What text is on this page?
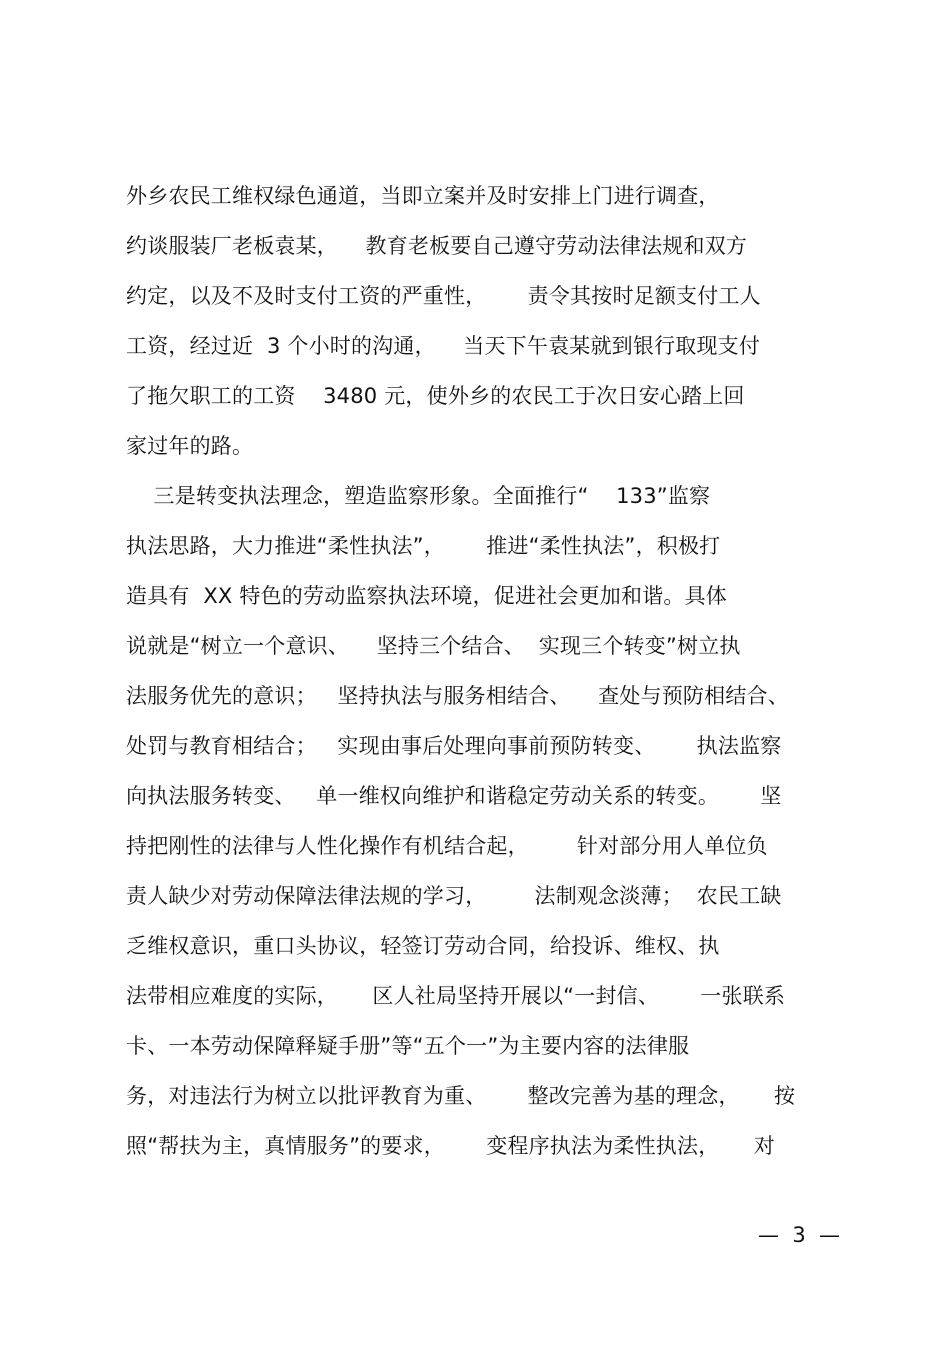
外乡农民工维权绿色通道，当即立案并及时安排上门进行调查，
约谈服装厂老板袁某，    教育老板要自己遵守劳动法律法规和双方
约定，以及不及时支付工资的严重性，      责令其按时足额支付工人
工资，经过近  3 个小时的沟通，    当天下午袁某就到银行取现支付
了拖欠职工的工资    3480 元，使外乡的农民工于次日安心踏上回
家过年的路。
三是转变执法理念，塑造监察形象。全面推行“    133”监察
执法思路，大力推进“柔性执法”，      推进“柔性执法”，积极打
造具有  XX 特色的劳动监察执法环境，促进社会更加和谐。具体
说就是“树立一个意识、    坚持三个结合、  实现三个转变”树立执
法服务优先的意识；   坚持执法与服务相结合、    查处与预防相结合、
处罚与教育相结合；   实现由事后处理向事前预防转变、      执法监察
向执法服务转变、   单一维权向维护和谐稳定劳动关系的转变。      坚
持把刚性的法律与人性化操作有机结合起，       针对部分用人单位负
责人缺少对劳动保障法律法规的学习，       法制观念淡薄；  农民工缺
乏维权意识，重口头协议，轻签订劳动合同，给投诉、维权、执
法带相应难度的实际，     区人社局坚持开展以“一封信、      一张联系
卡、一本劳动保障释疑手册”等“五个一”为主要内容的法律服
务，对违法行为树立以批评教育为重、      整改完善为基的理念，     按
照“帮扶为主，真情服务”的要求，      变程序执法为柔性执法，     对
—  3  —
